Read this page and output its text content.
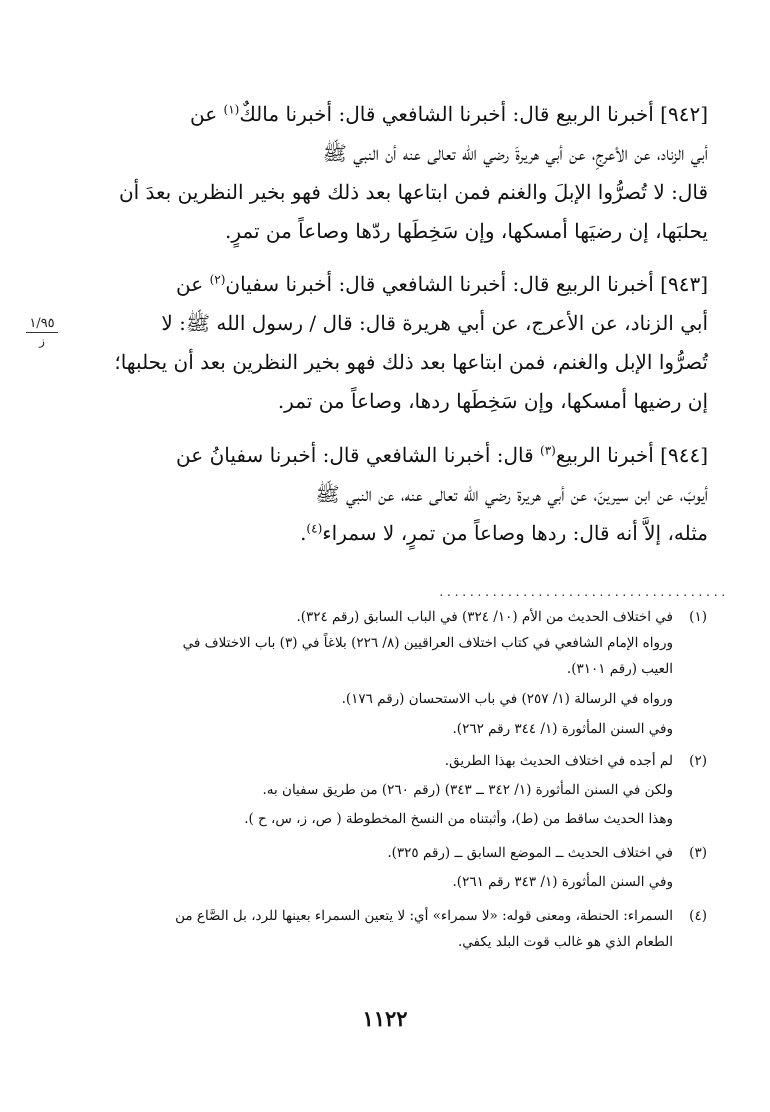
[٩٤٢] أخبرنا الربيع قال: أخبرنا الشافعي قال: أخبرنا مالكٌ$^{(١)}$ عن

أبي الزناد، عن الأعرجِ، عن أبي هريرةَ رضي الله تعالى عنه أن النبي ﷺ

قال: لا تُصرُّوا الإبلَ والغنم فمن ابتاعها بعد ذلك فهو بخير النظرين بعدَ أن

يحلبَها، إن رضيَها أمسكها، وإن سَخِطَها ردّها وصاعاً من تمرٍ.

[٩٤٣] أخبرنا الربيع قال: أخبرنا الشافعي قال: أخبرنا سفيان$^{(٢)}$ عن

أبي الزناد، عن الأعرج، عن أبي هريرة قال: قال / رسول الله ﷺ: لا

تُصرُّوا الإبل والغنم، فمن ابتاعها بعد ذلك فهو بخير النظرين بعد أن يحلبها؛

إن رضيها أمسكها، وإن سَخِطَها ردها، وصاعاً من تمر.

١/٩٥
ز

[٩٤٤] أخبرنا الربيع$^{(٣)}$ قال: أخبرنا الشافعي قال: أخبرنا سفيانُ عن

أيوبَ، عن ابن سيرينَ، عن أبي هريرة رضي الله تعالى عنه، عن النبي ﷺ

مثله، إلاَّ أنه قال: ردها وصاعاً من تمرٍ، لا سمراء$^{(٤)}$.

......................................

(١)في اختلاف الحديث من الأم (١٠/ ٣٢٤) في الباب السابق (رقم ٣٢٤).

ورواه الإمام الشافعي في كتاب اختلاف العراقيين (٨/ ٢٢٦) بلاغاً في (٣) باب الاختلاف في

العيب (رقم ٣١٠١).

ورواه في الرسالة (١/ ٢٥٧) في باب الاستحسان (رقم ١٧٦).

وفي السنن المأثورة (١/ ٣٤٤ رقم ٢٦٢).

(٢)لم أجده في اختلاف الحديث بهذا الطريق.

ولكن في السنن المأثورة (١/ ٣٤٢ ــ ٣٤٣) (رقم ٢٦٠) من طريق سفيان به.

وهذا الحديث ساقط من (ط)، وأثبتناه من النسخ المخطوطة ( ص، ز، س، ح ).

(٣)في اختلاف الحديث ــ الموضع السابق ــ (رقم ٣٢٥).

وفي السنن المأثورة (١/ ٣٤٣ رقم ٢٦١).

(٤)السمراء: الحنطة، ومعنى قوله: «لا سمراء» أي: لا يتعين السمراء بعينها للرد، بل الصَّاع من

الطعام الذي هو غالب قوت البلد يكفي.

١١٢٢
